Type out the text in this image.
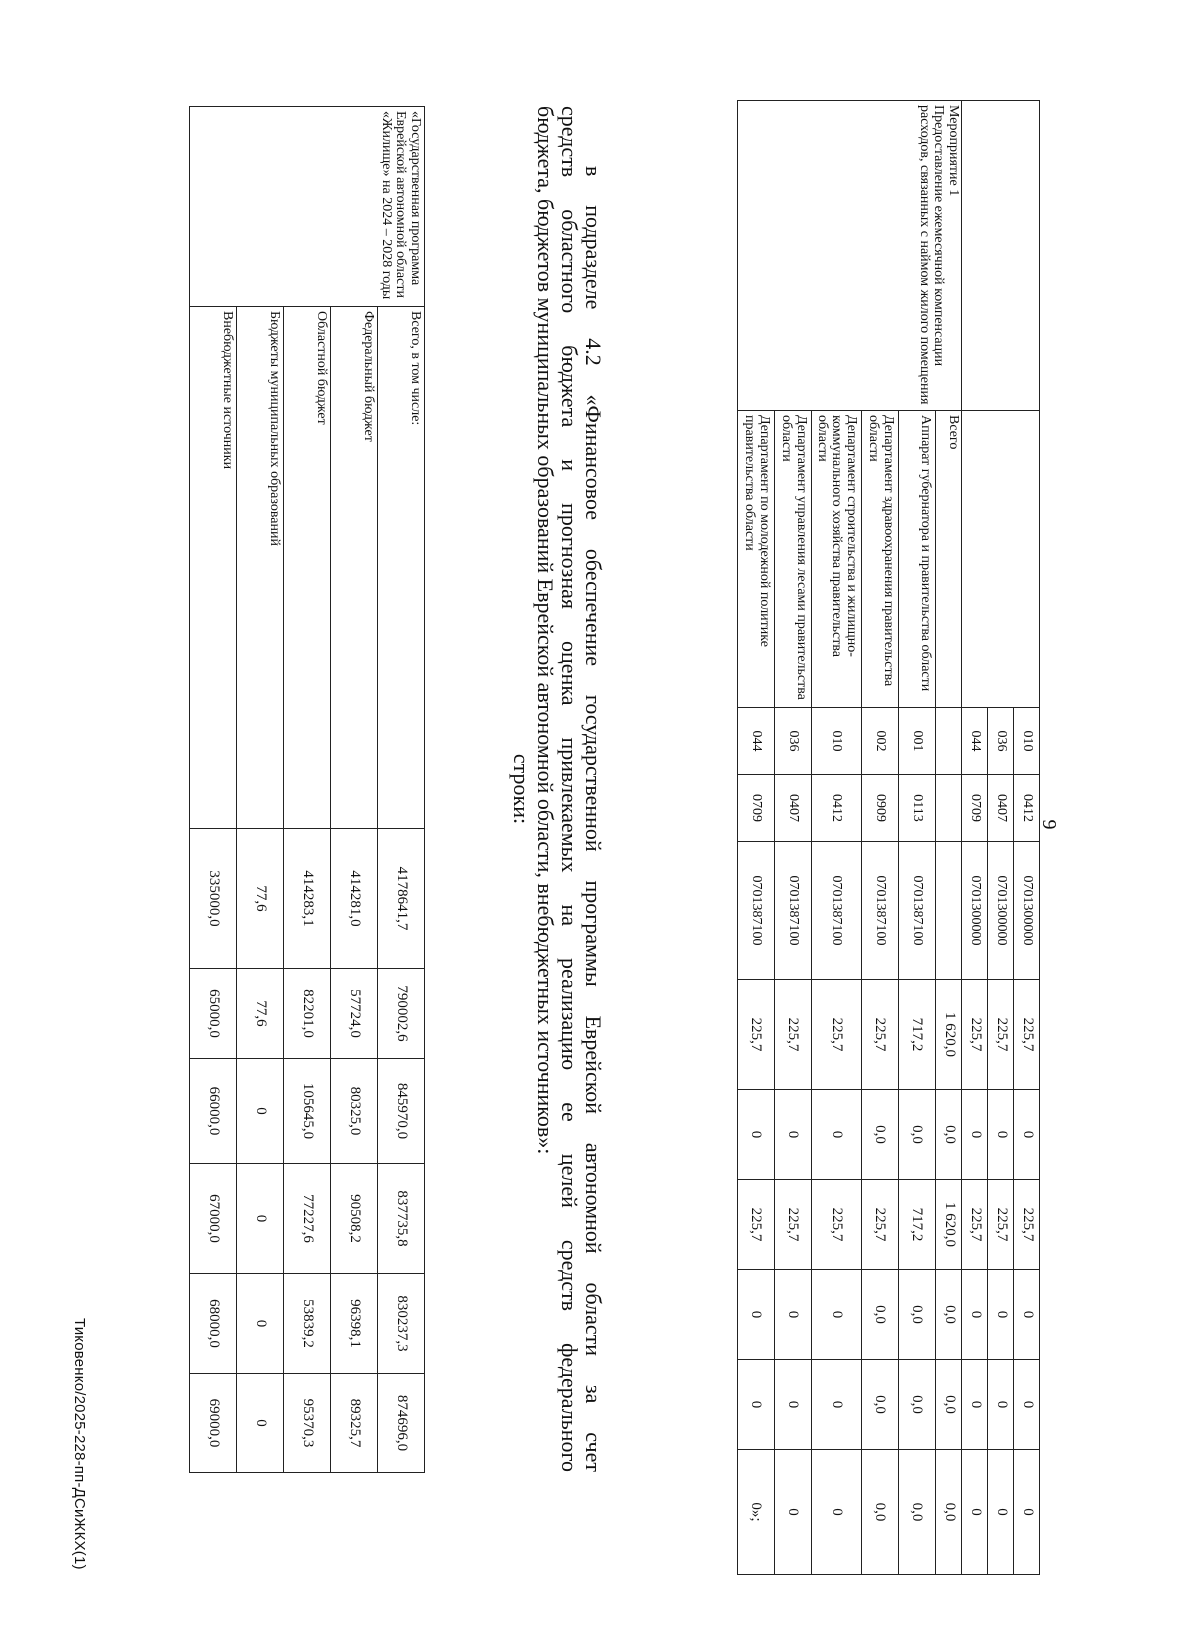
9
		010	0412	0701300000	225,7	0	225,7	0	0	0
		036	0407	0701300000	225,7	0	225,7	0	0	0
		044	0709	0701300000	225,7	0	225,7	0	0	0
Мероприятие 1
Предоставление ежемесячной компенсации расходов, связанных с наймом жилого помещения	Всего				1 620,0	0,0	1 620,0	0,0	0,0	0,0
	Аппарат губернатора и правительства области	001	0113	0701387100	717,2	0,0	717,2	0,0	0,0	0,0
	Департамент здравоохранения правительства области	002	0909	0701387100	225,7	0,0	225,7	0,0	0,0	0,0
	Департамент строительства и жилищно-коммунального хозяйства правительства области	010	0412	0701387100	225,7	0	225,7	0	0	0
	Департамент управления лесами правительства области	036	0407	0701387100	225,7	0	225,7	0	0	0
	Департамент по молодежной политике правительства области	044	0709	0701387100	225,7	0	225,7	0	0	0»;
в подразделе 4.2 «Финансовое обеспечение государственной программы Еврейской автономной области за счет
средств областного бюджета и прогнозная оценка привлекаемых на реализацию ее целей средств федерального
бюджета, бюджетов муниципальных образований Еврейской автономной области, внебюджетных источников»:
строки:
«Государственная программа Еврейской автономной области «Жилище» на 2024 – 2028 годы	Всего, в том числе:	4178641,7	790002,6	845970,0	837735,8	830237,3	874696,0
	Федеральный бюджет	414281,0	57724,0	80325,0	90508,2	96398,1	89325,7
	Областной бюджет	414283,1	82201,0	105645,0	77227,6	53839,2	95370,3
	Бюджеты муниципальных образований	77,6	77,6	0	0	0	0
	Внебюджетные источники	335000,0	65000,0	66000,0	67000,0	68000,0	69000,0
Тиковенко/2025-228-пп-ДСиЖКХ(1)
